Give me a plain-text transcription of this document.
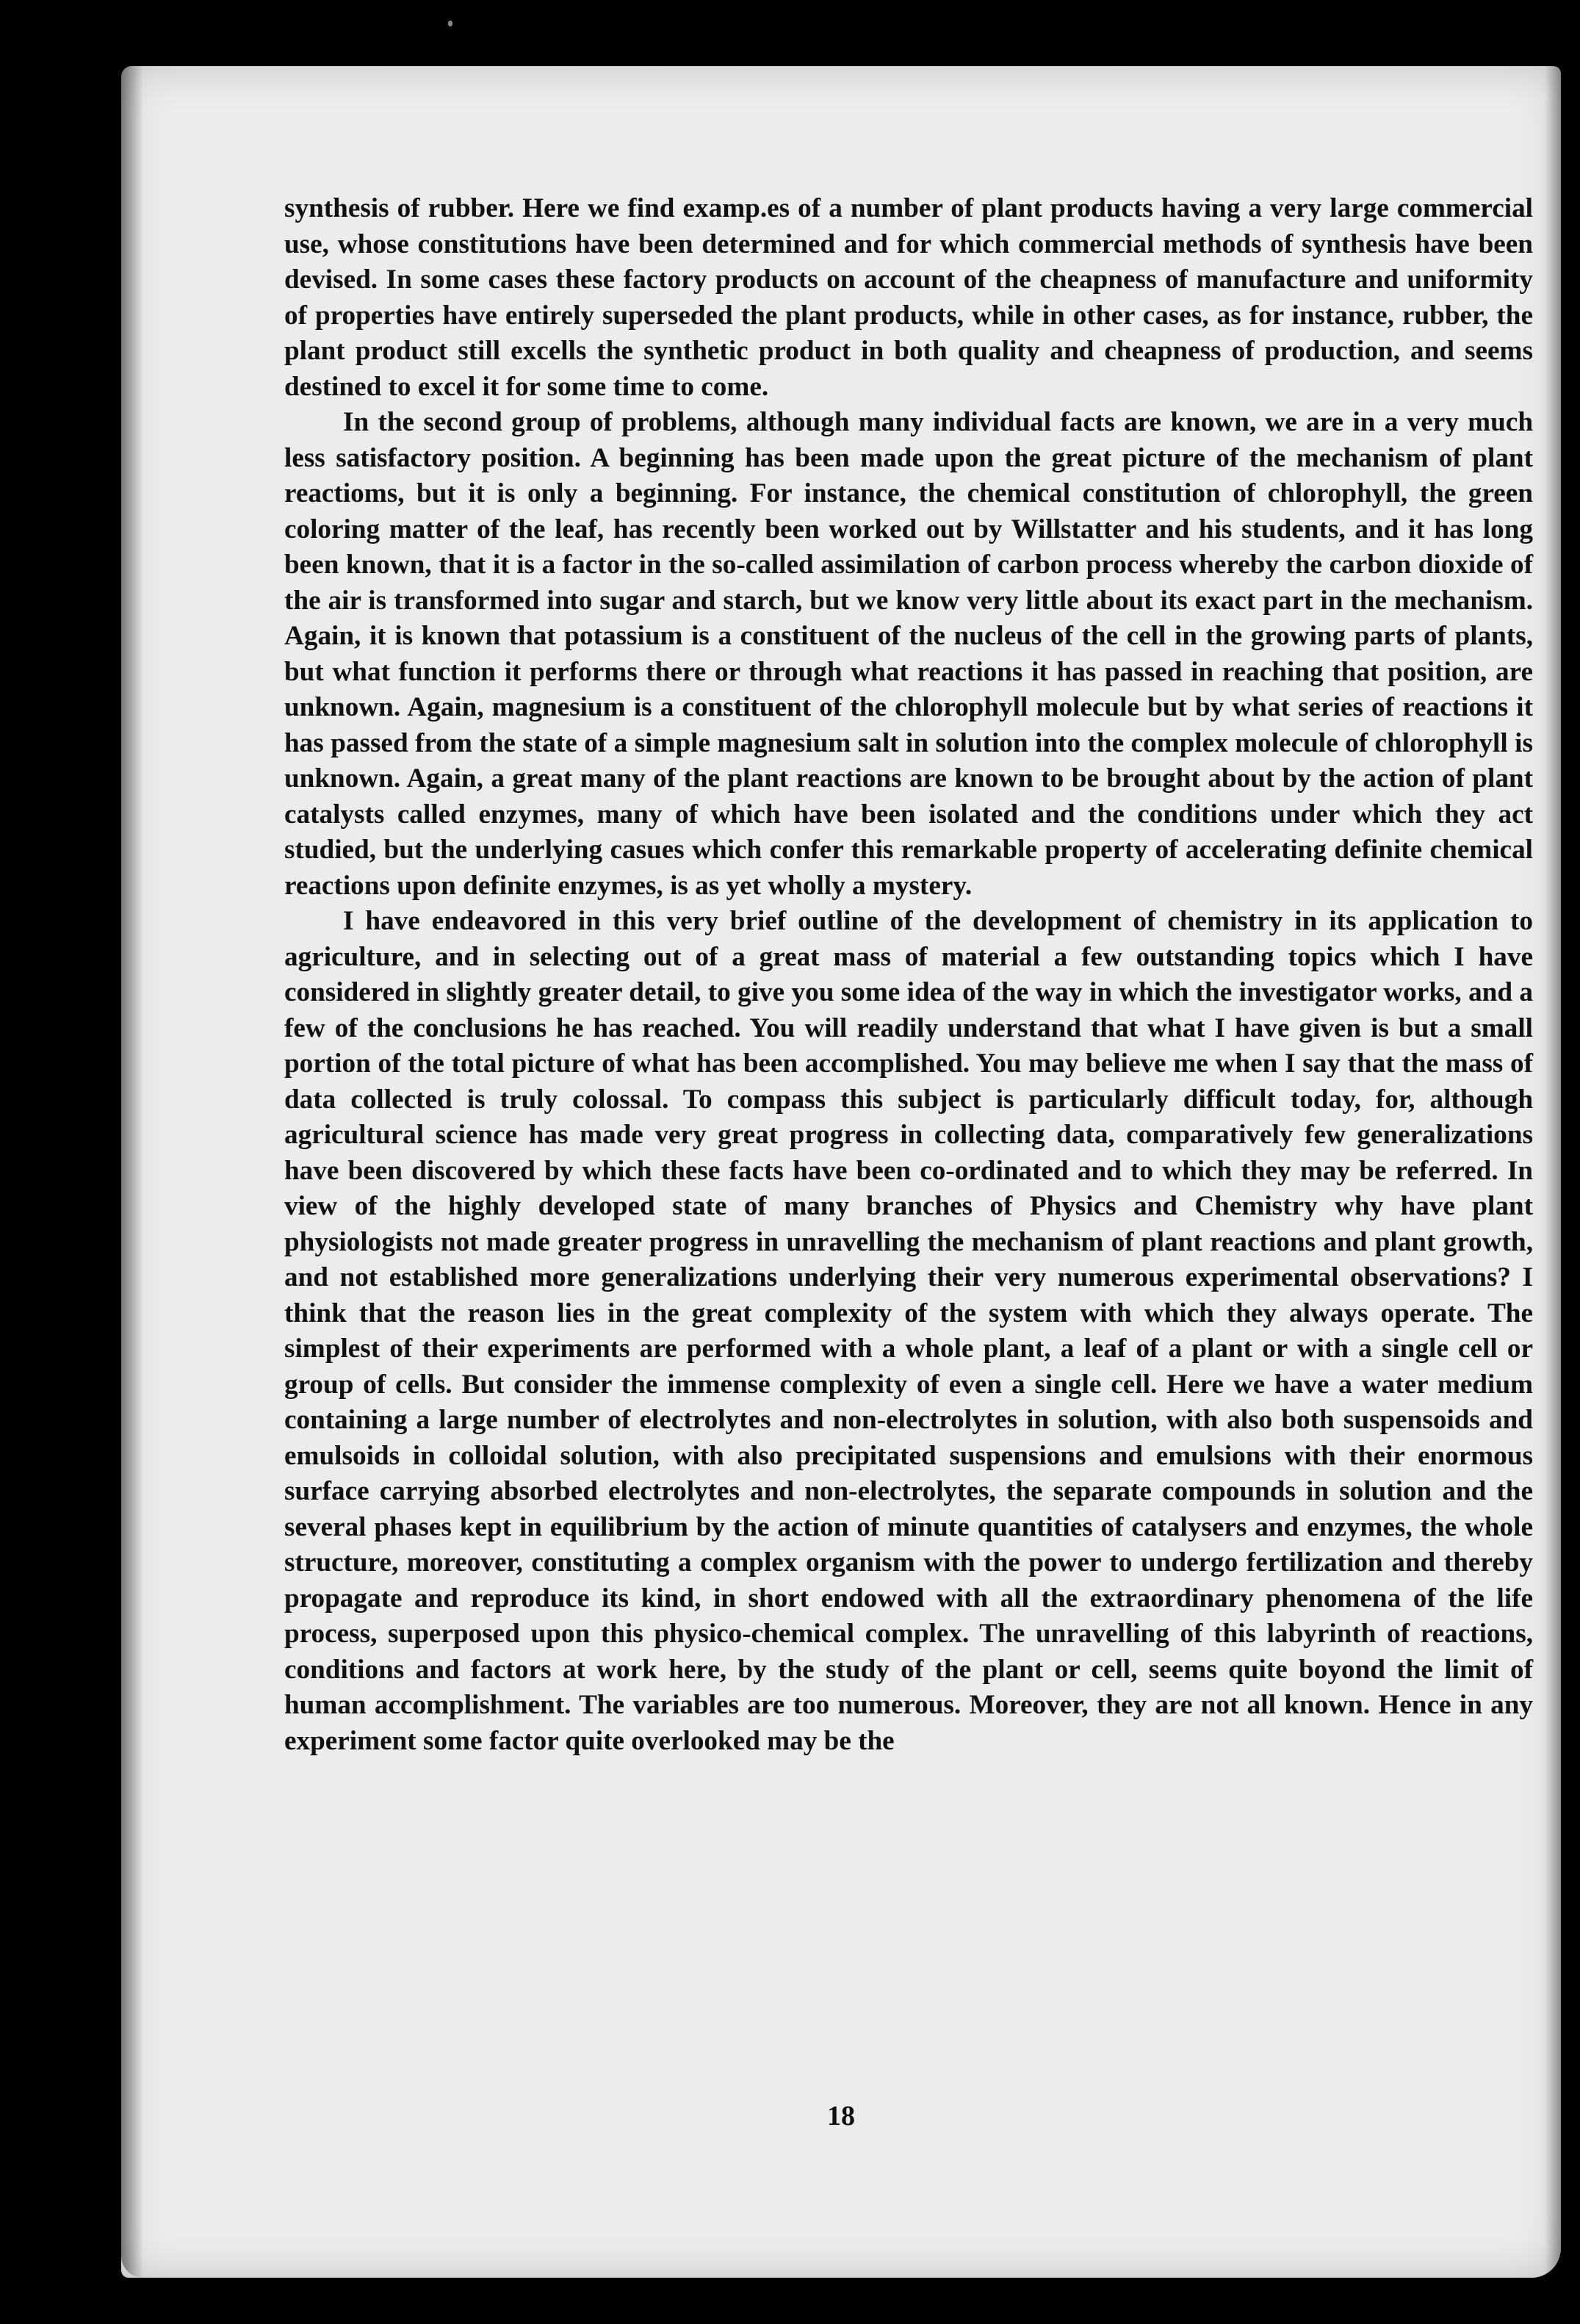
synthesis of rubber. Here we find examp.es of a number of plant products having a very large commercial use, whose constitutions have been determined and for which commercial methods of synthesis have been devised. In some cases these factory products on account of the cheapness of manufacture and uniformity of properties have entirely superseded the plant products, while in other cases, as for instance, rubber, the plant product still excells the synthetic product in both quality and cheapness of production, and seems destined to excel it for some time to come.

In the second group of problems, although many individual facts are known, we are in a very much less satisfactory position. A beginning has been made upon the great picture of the mechanism of plant reactioms, but it is only a beginning. For instance, the chemical constitution of chlorophyll, the green coloring matter of the leaf, has recently been worked out by Willstatter and his students, and it has long been known, that it is a factor in the so-called assimilation of carbon process whereby the carbon dioxide of the air is transformed into sugar and starch, but we know very little about its exact part in the mechanism. Again, it is known that potassium is a constituent of the nucleus of the cell in the growing parts of plants, but what function it performs there or through what reactions it has passed in reaching that position, are unknown. Again, magnesium is a constituent of the chlorophyll molecule but by what series of reactions it has passed from the state of a simple magnesium salt in solution into the complex molecule of chlorophyll is unknown. Again, a great many of the plant reactions are known to be brought about by the action of plant catalysts called enzymes, many of which have been isolated and the conditions under which they act studied, but the underlying casues which confer this remarkable property of accelerating definite chemical reactions upon definite enzymes, is as yet wholly a mystery.

I have endeavored in this very brief outline of the development of chemistry in its application to agriculture, and in selecting out of a great mass of material a few outstanding topics which I have considered in slightly greater detail, to give you some idea of the way in which the investigator works, and a few of the conclusions he has reached. You will readily understand that what I have given is but a small portion of the total picture of what has been accomplished. You may believe me when I say that the mass of data collected is truly colossal. To compass this subject is particularly difficult today, for, although agricultural science has made very great progress in collecting data, comparatively few generalizations have been discovered by which these facts have been co-ordinated and to which they may be referred. In view of the highly developed state of many branches of Physics and Chemistry why have plant physiologists not made greater progress in unravelling the mechanism of plant reactions and plant growth, and not established more generalizations underlying their very numerous experimental observations? I think that the reason lies in the great complexity of the system with which they always operate. The simplest of their experiments are performed with a whole plant, a leaf of a plant or with a single cell or group of cells. But consider the immense complexity of even a single cell. Here we have a water medium containing a large number of electrolytes and non-electrolytes in solution, with also both suspensoids and emulsoids in colloidal solution, with also precipitated suspensions and emulsions with their enormous surface carrying absorbed electrolytes and non-electrolytes, the separate compounds in solution and the several phases kept in equilibrium by the action of minute quantities of catalysers and enzymes, the whole structure, moreover, constituting a complex organism with the power to undergo fertilization and thereby propagate and reproduce its kind, in short endowed with all the extraordinary phenomena of the life process, superposed upon this physico-chemical complex. The unravelling of this labyrinth of reactions, conditions and factors at work here, by the study of the plant or cell, seems quite boyond the limit of human accomplishment. The variables are too numerous. Moreover, they are not all known. Hence in any experiment some factor quite overlooked may be the

18
